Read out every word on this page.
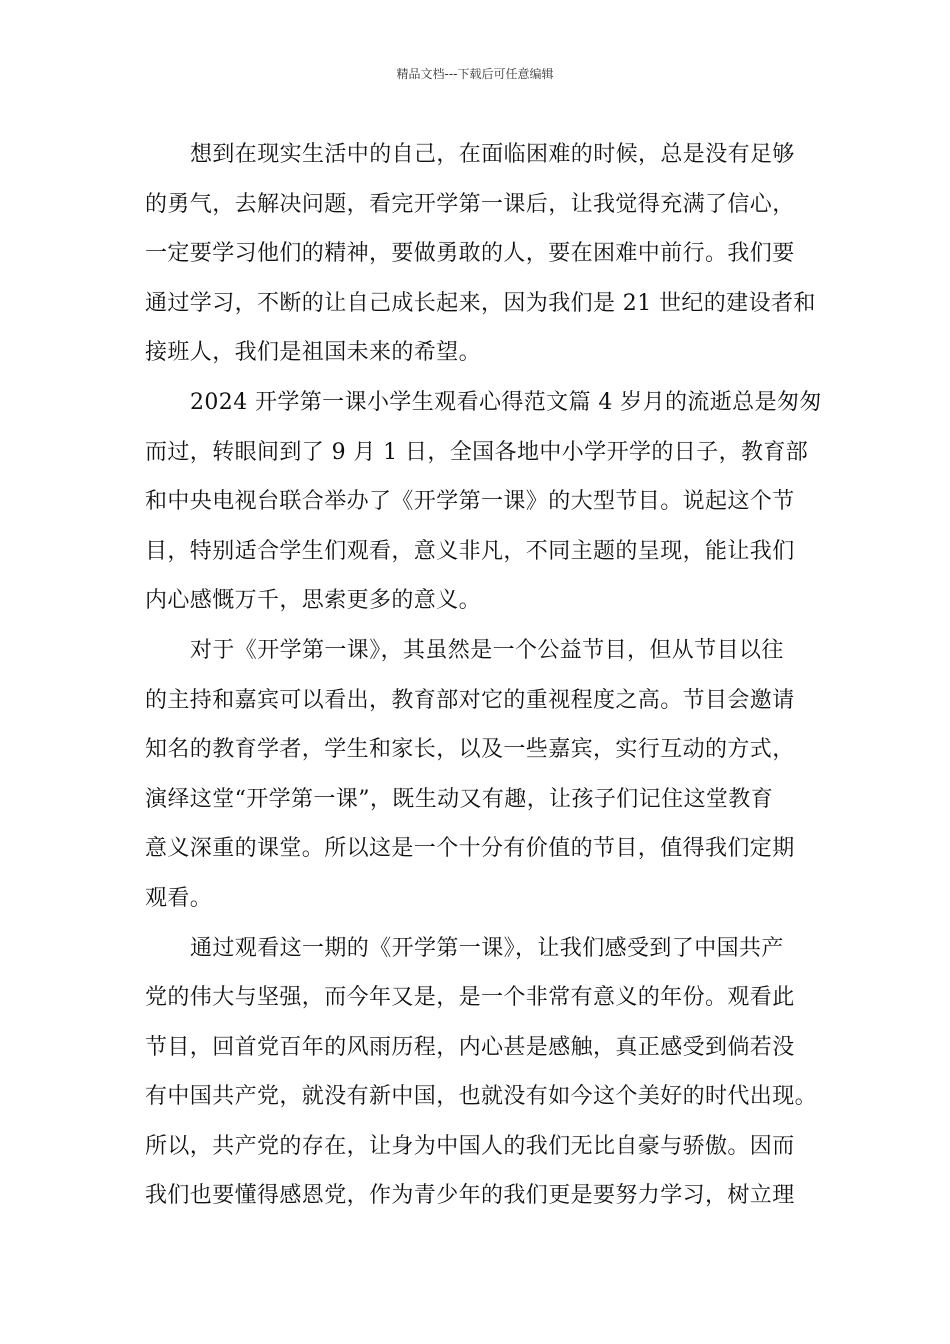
精品文档---下载后可任意编辑
想到在现实生活中的自己，在面临困难的时候，总是没有足够
的勇气，去解决问题，看完开学第一课后，让我觉得充满了信心，
一定要学习他们的精神，要做勇敢的人，要在困难中前行。我们要
通过学习，不断的让自己成长起来，因为我们是 21 世纪的建设者和
接班人，我们是祖国未来的希望。
2024 开学第一课小学生观看心得范文篇 4 岁月的流逝总是匆匆
而过，转眼间到了 9 月 1 日，全国各地中小学开学的日子，教育部
和中央电视台联合举办了《开学第一课》的大型节目。说起这个节
目，特别适合学生们观看，意义非凡，不同主题的呈现，能让我们
内心感慨万千，思索更多的意义。
对于《开学第一课》，其虽然是一个公益节目，但从节目以往
的主持和嘉宾可以看出，教育部对它的重视程度之高。节目会邀请
知名的教育学者，学生和家长，以及一些嘉宾，实行互动的方式，
演绎这堂“开学第一课”，既生动又有趣，让孩子们记住这堂教育
意义深重的课堂。所以这是一个十分有价值的节目，值得我们定期
观看。
通过观看这一期的《开学第一课》，让我们感受到了中国共产
党的伟大与坚强，而今年又是，是一个非常有意义的年份。观看此
节目，回首党百年的风雨历程，内心甚是感触，真正感受到倘若没
有中国共产党，就没有新中国，也就没有如今这个美好的时代出现。
所以，共产党的存在，让身为中国人的我们无比自豪与骄傲。因而
我们也要懂得感恩党，作为青少年的我们更是要努力学习，树立理
